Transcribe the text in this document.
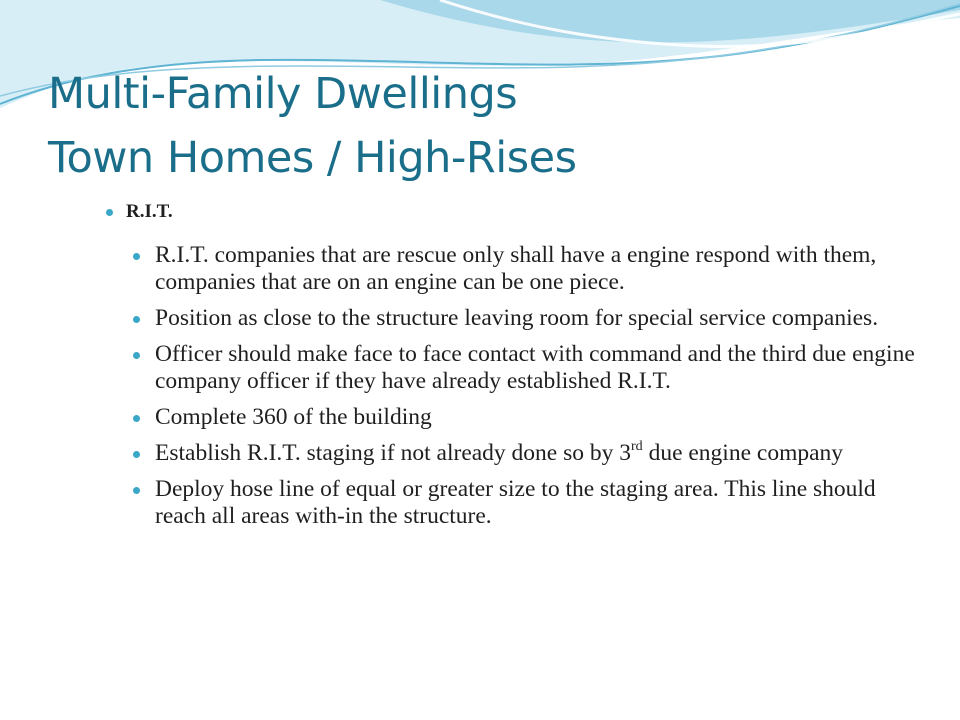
Multi-Family Dwellings
Town Homes / High-Rises
R.I.T.
R.I.T. companies that are rescue only shall have a engine respond with them, companies that are on an engine can be one piece.
Position as close to the structure leaving room for special service companies.
Officer should make face to face contact with command and the third due engine company officer if they have already established R.I.T.
Complete 360 of the building
Establish R.I.T. staging if not already done so by 3rd due engine company
Deploy hose line of equal or greater size to the staging area. This line should reach all areas with-in the structure.
